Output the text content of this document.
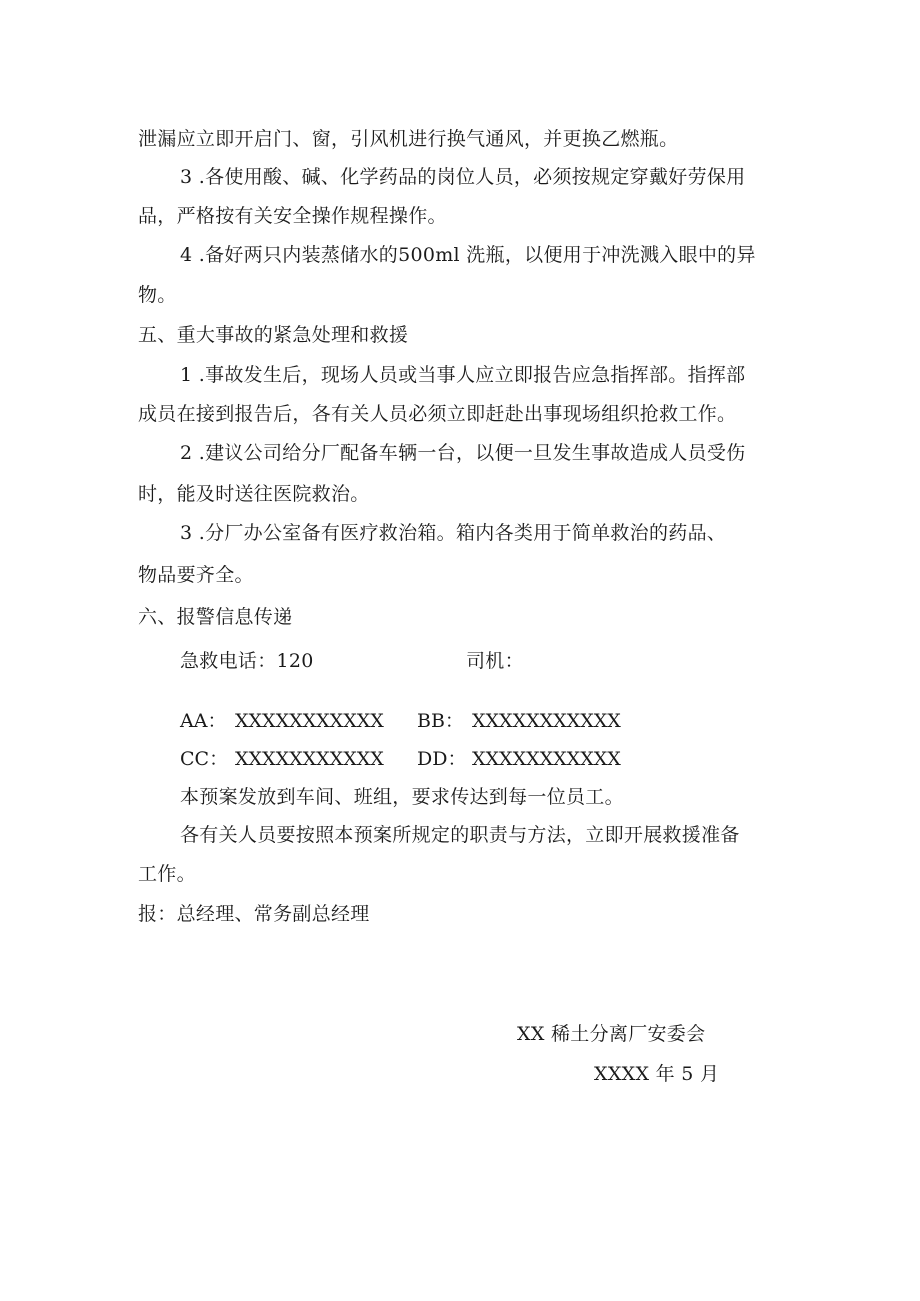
泄漏应立即开启门、窗，引风机进行换气通风，并更换乙燃瓶。
3 .各使用酸、碱、化学药品的岗位人员，必须按规定穿戴好劳保用
品，严格按有关安全操作规程操作。
4 .备好两只内装蒸储水的500ml 洗瓶，以便用于冲洗溅入眼中的异
物。
五、重大事故的紧急处理和救援
1 .事故发生后，现场人员或当事人应立即报告应急指挥部。指挥部
成员在接到报告后，各有关人员必须立即赶赴出事现场组织抢救工作。
2 .建议公司给分厂配备车辆一台，以便一旦发生事故造成人员受伤
时，能及时送往医院救治。
3 .分厂办公室备有医疗救治箱。箱内各类用于简单救治的药品、
物品要齐全。
六、报警信息传递
急救电话：120	司机：
AA： XXXXXXXXXXX BB： XXXXXXXXXXX
CC： XXXXXXXXXXX DD： XXXXXXXXXXX
本预案发放到车间、班组，要求传达到每一位员工。
各有关人员要按照本预案所规定的职责与方法，立即开展救援准备
工作。
报：总经理、常务副总经理
XX 稀土分离厂安委会
XXXX 年 5 月
